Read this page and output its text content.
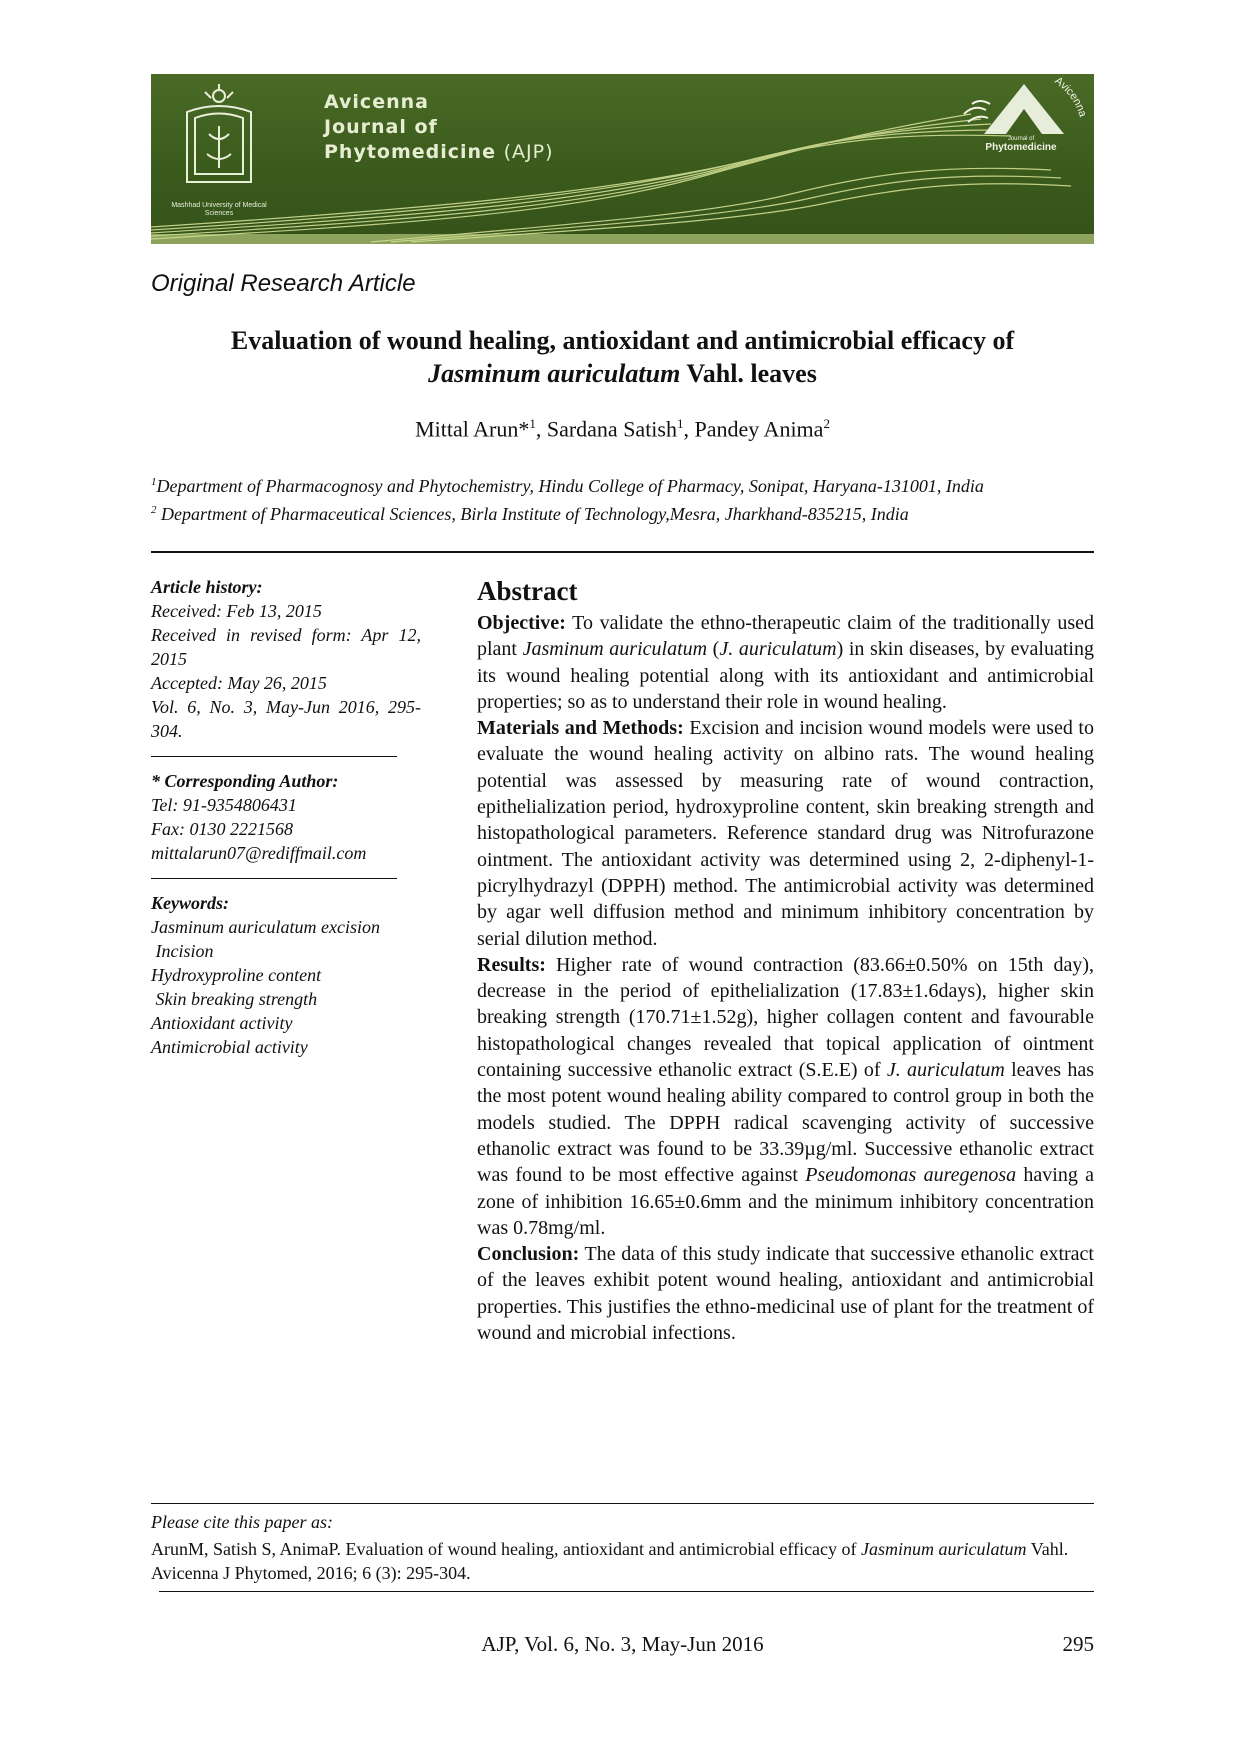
Mashhad University of Medical Sciences
Avicenna
Journal of
Phytomedicine (AJP)
Avicenna
Journal of
Phytomedicine
Original Research Article
Evaluation of wound healing, antioxidant and antimicrobial efficacy of
Jasminum auriculatum Vahl. leaves
Mittal Arun*$^1$, Sardana Satish$^1$, Pandey Anima$^2$
$^1$Department of Pharmacognosy and Phytochemistry, Hindu College of Pharmacy, Sonipat, Haryana-131001, India
$^2$ Department of Pharmaceutical Sciences, Birla Institute of Technology,Mesra, Jharkhand-835215, India
Article history:
Received: Feb 13, 2015
Received in revised form: Apr 12, 2015
Accepted: May 26, 2015
Vol. 6, No. 3, May-Jun 2016, 295-304.
* Corresponding Author:
Tel: 91-9354806431
Fax: 0130 2221568
mittalarun07@rediffmail.com
Keywords:
Jasminum auriculatum excision
Incision
Hydroxyproline content
Skin breaking strength
Antioxidant activity
Antimicrobial activity
Abstract

Objective: To validate the ethno-therapeutic claim of the traditionally used plant Jasminum auriculatum (J. auriculatum) in skin diseases, by evaluating its wound healing potential along with its antioxidant and antimicrobial properties; so as to understand their role in wound healing.

Materials and Methods: Excision and incision wound models were used to evaluate the wound healing activity on albino rats. The wound healing potential was assessed by measuring rate of wound contraction, epithelialization period, hydroxyproline content, skin breaking strength and histopathological parameters. Reference standard drug was Nitrofurazone ointment. The antioxidant activity was determined using 2, 2-diphenyl-1-picrylhydrazyl (DPPH) method. The antimicrobial activity was determined by agar well diffusion method and minimum inhibitory concentration by serial dilution method.

Results: Higher rate of wound contraction (83.66±0.50% on 15th day), decrease in the period of epithelialization (17.83±1.6days), higher skin breaking strength (170.71±1.52g), higher collagen content and favourable histopathological changes revealed that topical application of ointment containing successive ethanolic extract (S.E.E) of J. auriculatum leaves has the most potent wound healing ability compared to control group in both the models studied. The DPPH radical scavenging activity of successive ethanolic extract was found to be 33.39µg/ml. Successive ethanolic extract was found to be most effective against Pseudomonas auregenosa having a zone of inhibition 16.65±0.6mm and the minimum inhibitory concentration was 0.78mg/ml.

Conclusion: The data of this study indicate that successive ethanolic extract of the leaves exhibit potent wound healing, antioxidant and antimicrobial properties. This justifies the ethno-medicinal use of plant for the treatment of wound and microbial infections.

Please cite this paper as:
ArunM, Satish S, AnimaP. Evaluation of wound healing, antioxidant and antimicrobial efficacy of Jasminum auriculatum Vahl. Avicenna J Phytomed, 2016; 6 (3): 295-304.
AJP, Vol. 6, No. 3, May-Jun 2016	295
